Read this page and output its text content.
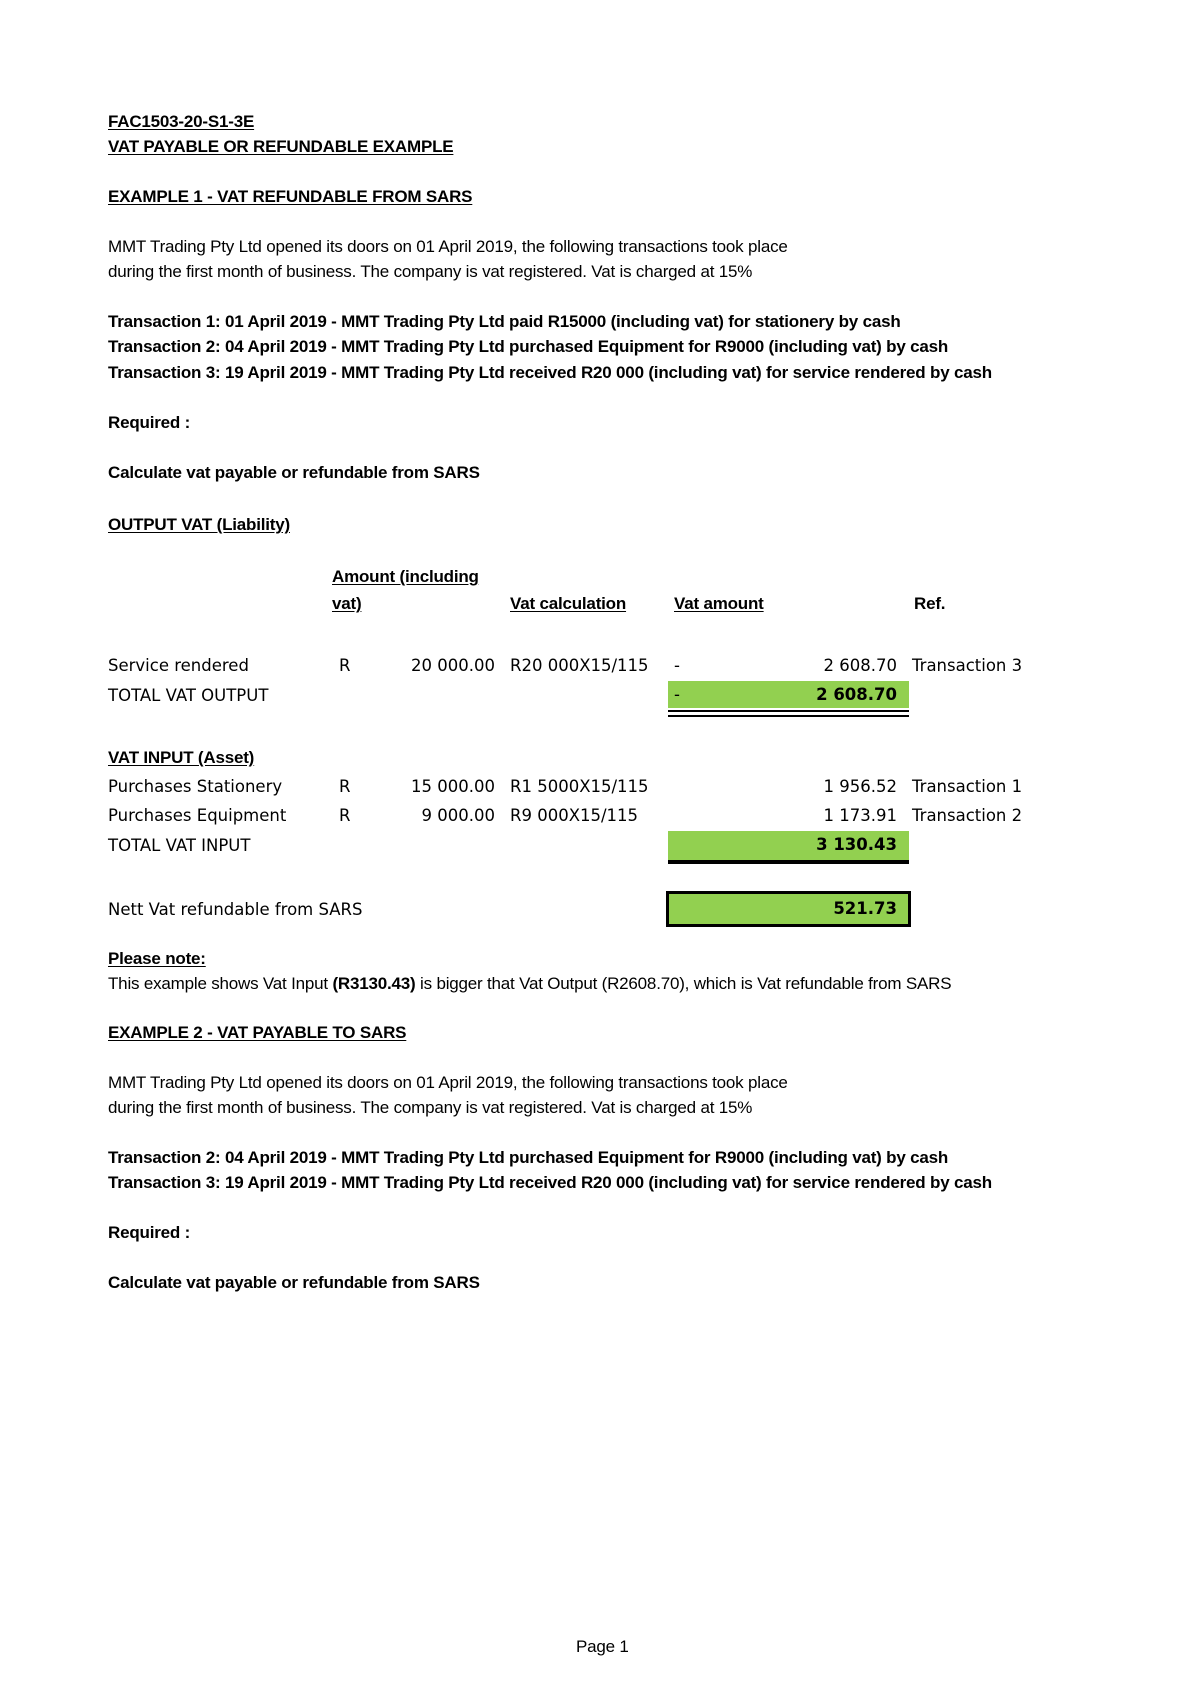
FAC1503-20-S1-3E
VAT PAYABLE OR REFUNDABLE EXAMPLE
EXAMPLE 1 - VAT REFUNDABLE FROM SARS
MMT Trading Pty Ltd opened its doors on 01 April 2019, the following transactions took place
during the first month of business. The company is vat registered. Vat is charged at 15%
Transaction 1: 01 April 2019 - MMT Trading Pty Ltd paid R15000 (including vat) for stationery by cash
Transaction 2: 04 April 2019 - MMT Trading Pty Ltd purchased Equipment for R9000 (including vat) by cash
Transaction 3: 19 April 2019 - MMT Trading Pty Ltd received R20 000 (including vat) for service rendered by cash
Required :
Calculate vat payable or refundable from SARS
OUTPUT VAT (Liability)
Amount (including
vat)	Vat calculation	Vat amount	Ref.
Service rendered	R	20 000.00 R20 000X15/115 -	2 608.70 Transaction 3
TOTAL VAT OUTPUT	-	2 608.70
VAT INPUT (Asset)
Purchases Stationery	R	15 000.00 R1 5000X15/115	1 956.52 Transaction 1
Purchases Equipment	R	9 000.00 R9 000X15/115	1 173.91 Transaction 2
TOTAL VAT INPUT	3 130.43
Nett Vat refundable from SARS	521.73
Please note:
This example shows Vat Input (R3130.43) is bigger that Vat Output (R2608.70), which is Vat refundable from SARS
EXAMPLE 2 - VAT PAYABLE TO SARS
MMT Trading Pty Ltd opened its doors on 01 April 2019, the following transactions took place
during the first month of business. The company is vat registered. Vat is charged at 15%
Transaction 2: 04 April 2019 - MMT Trading Pty Ltd purchased Equipment for R9000 (including vat) by cash
Transaction 3: 19 April 2019 - MMT Trading Pty Ltd received R20 000 (including vat) for service rendered by cash
Required :
Calculate vat payable or refundable from SARS
Page 1
